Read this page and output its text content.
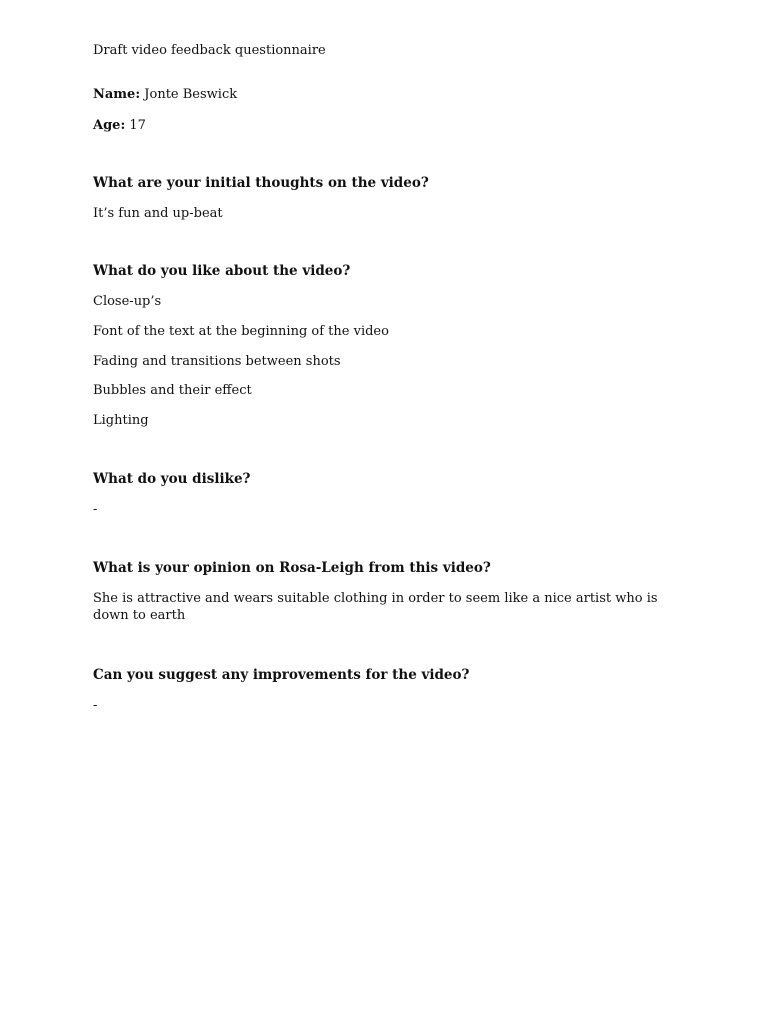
Draft video feedback questionnaire
Name: Jonte Beswick
Age: 17
What are your initial thoughts on the video?
It’s fun and up-beat
What do you like about the video?
Close-up’s
Font of the text at the beginning of the video
Fading and transitions between shots
Bubbles and their effect
Lighting
What do you dislike?
-
What is your opinion on Rosa-Leigh from this video?
She is attractive and wears suitable clothing in order to seem like a nice artist who is down to earth
Can you suggest any improvements for the video?
-
